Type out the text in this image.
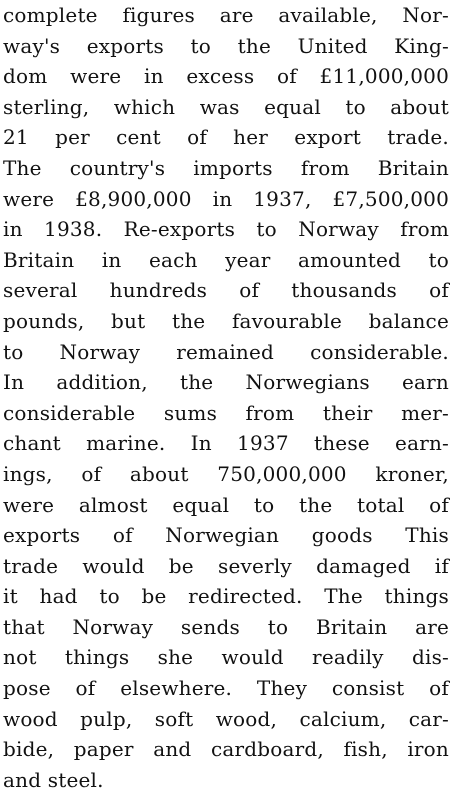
complete figures are available, Nor-
way's exports to the United King-
dom were in excess of £11,000,000
sterling, which was equal to about
21 per cent of her export trade.
The country's imports from Britain
were £8,900,000 in 1937, £7,500,000
in 1938. Re-exports to Norway from
Britain in each year amounted to
several hundreds of thousands of
pounds, but the favourable balance
to Norway remained considerable.
In addition, the Norwegians earn
considerable sums from their mer-
chant marine. In 1937 these earn-
ings, of about 750,000,000 kroner,
were almost equal to the total of
exports of Norwegian goods This
trade would be severly damaged if
it had to be redirected. The things
that Norway sends to Britain are
not things she would readily dis-
pose of elsewhere. They consist of
wood pulp, soft wood, calcium, car-
bide, paper and cardboard, fish, iron
and steel.
